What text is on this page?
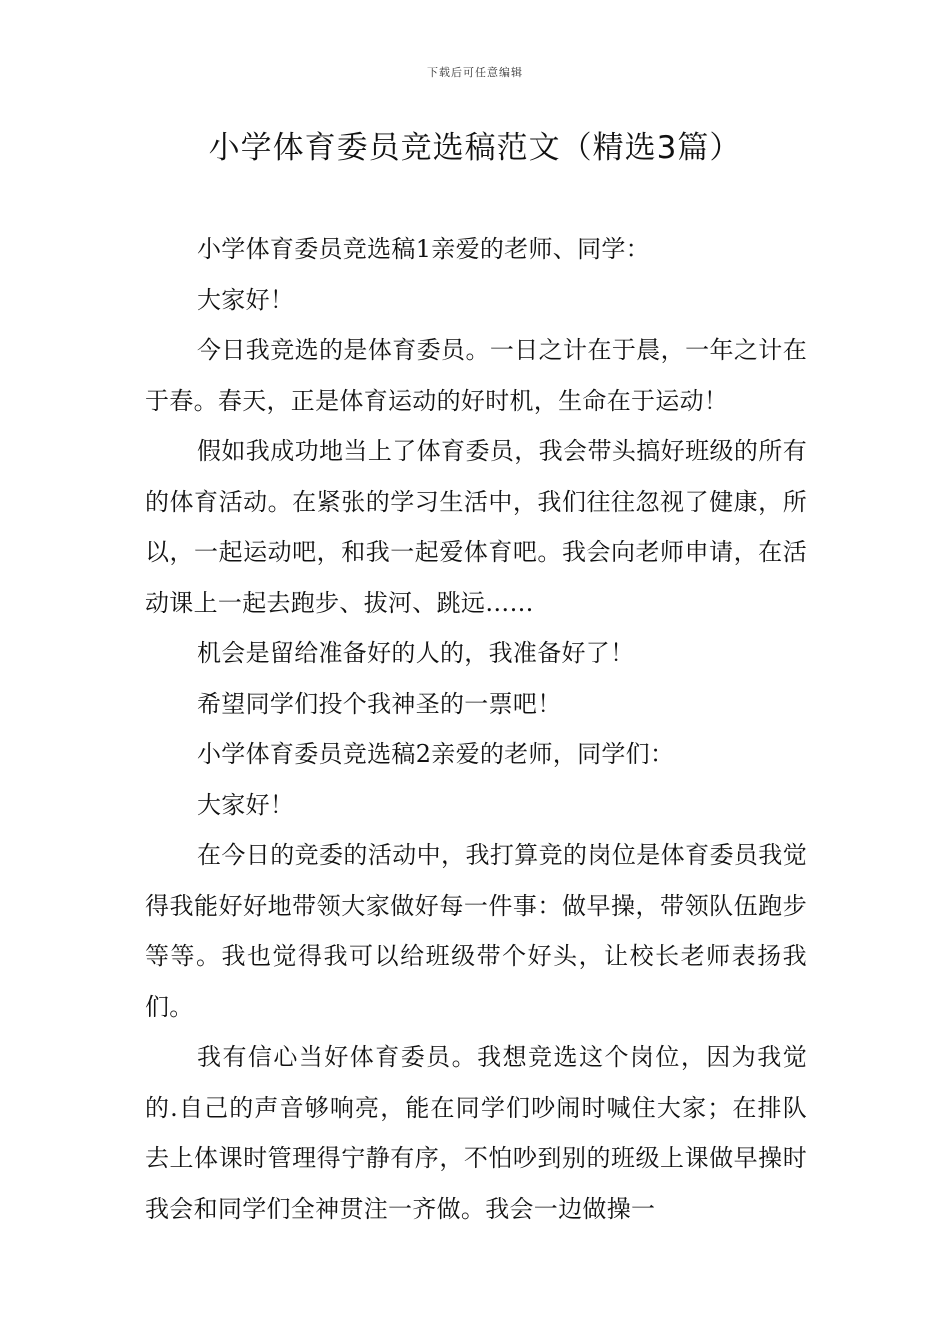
下载后可任意编辑
小学体育委员竞选稿范文（精选3篇）

小学体育委员竞选稿1亲爱的老师、同学：

大家好！

今日我竞选的是体育委员。一日之计在于晨，一年之计在于春。春天，正是体育运动的好时机，生命在于运动！

假如我成功地当上了体育委员，我会带头搞好班级的所有的体育活动。在紧张的学习生活中，我们往往忽视了健康，所以，一起运动吧，和我一起爱体育吧。我会向老师申请，在活动课上一起去跑步、拔河、跳远……

机会是留给准备好的人的，我准备好了！

希望同学们投个我神圣的一票吧！

小学体育委员竞选稿2亲爱的老师，同学们：

大家好！

在今日的竞委的活动中，我打算竞的岗位是体育委员我觉得我能好好地带领大家做好每一件事：做早操，带领队伍跑步等等。我也觉得我可以给班级带个好头，让校长老师表扬我们。

我有信心当好体育委员。我想竞选这个岗位，因为我觉的.自己的声音够响亮，能在同学们吵闹时喊住大家；在排队去上体课时管理得宁静有序，不怕吵到别的班级上课做早操时我会和同学们全神贯注一齐做。我会一边做操一
